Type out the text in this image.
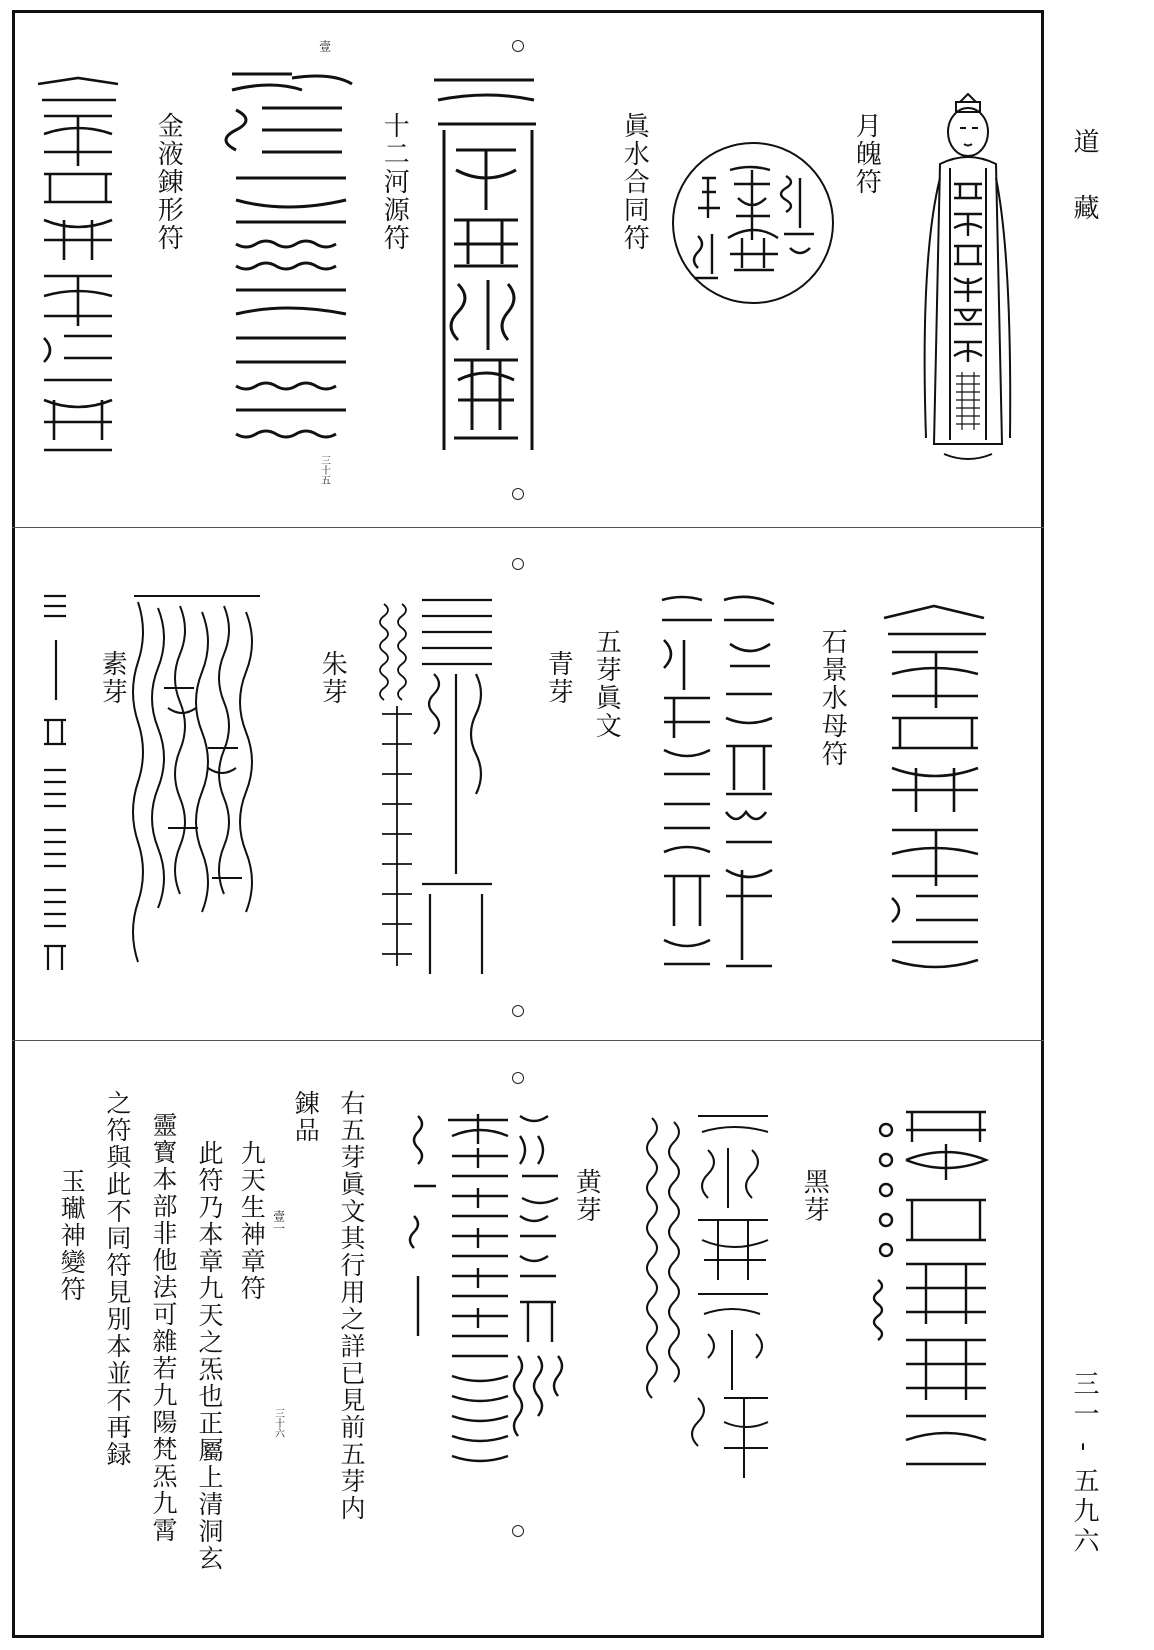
道藏
三一 - 五九六
月魄符
眞水合同符
十二河源符
壹
三十五
金液錬形符
石景水母符
五芽眞文
青芽
朱芽
素芽
黑芽
黄芽
右五芽眞文其行用之詳已見前五芽内
錬品
壹一
九天生神章符
三十六
此符乃本章九天之炁也正屬上清洞玄
靈寳本部非他法可雜若九陽梵炁九霄
之符與此不同符見別本並不再録
玉𤩽神變符
